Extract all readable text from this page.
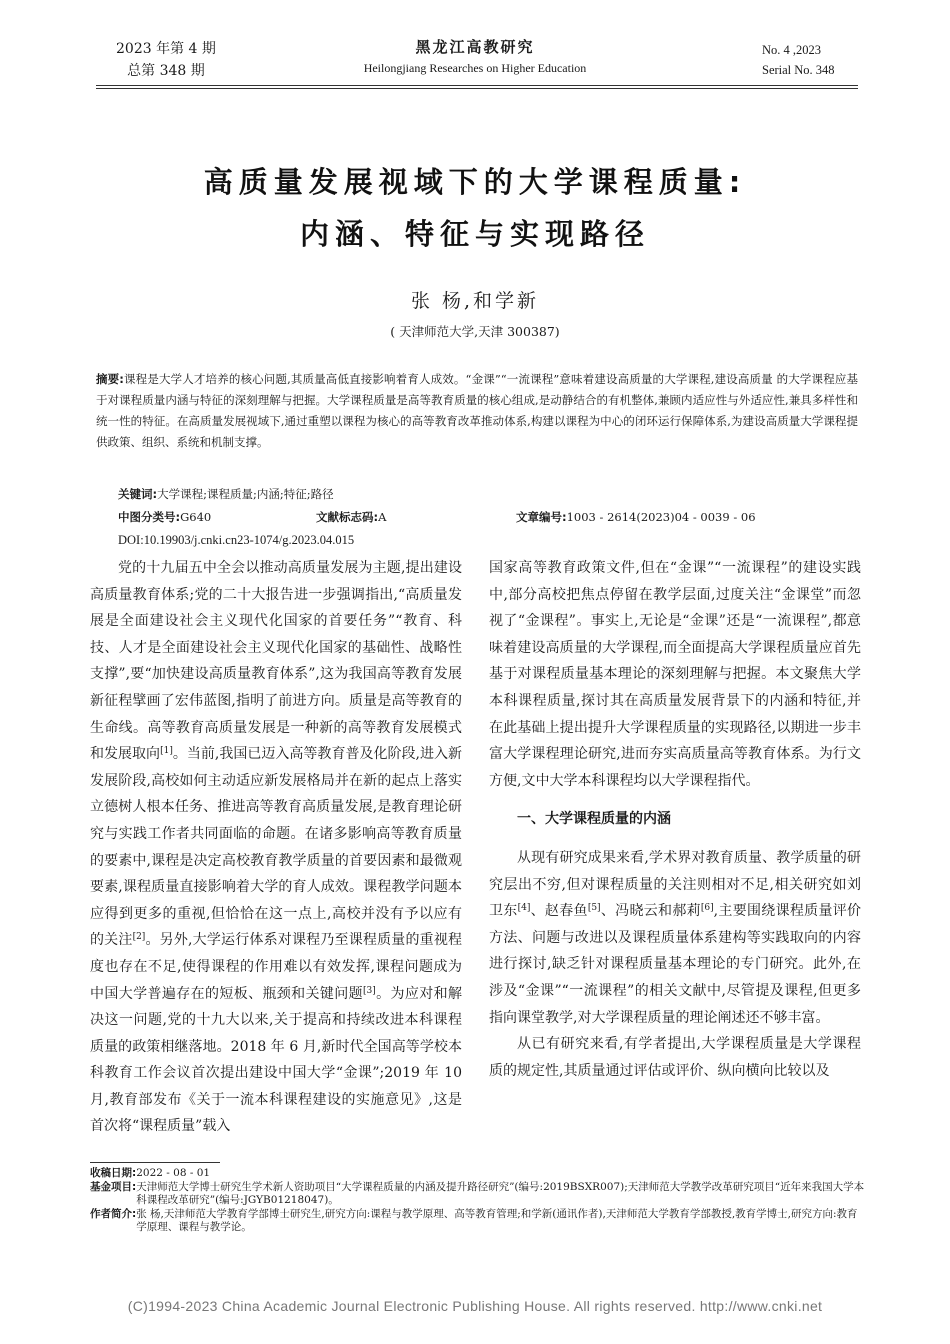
2023 年第 4 期
总第 348 期
黑龙江高教研究
Heilongjiang Researches on Higher Education
No. 4 ,2023
Serial No. 348
高质量发展视域下的大学课程质量:
内涵、特征与实现路径
张 杨,和学新
( 天津师范大学,天津 300387)
摘要:课程是大学人才培养的核心问题,其质量高低直接影响着育人成效。“金课”“一流课程”意味着建设高质量的大学课程,建设高质量 的大学课程应基于对课程质量内涵与特征的深刻理解与把握。大学课程质量是高等教育质量的核心组成,是动静结合的有机整体,兼顾内适应性与外适应性,兼具多样性和统一性的特征。在高质量发展视域下,通过重塑以课程为核心的高等教育改革推动体系,构建以课程为中心的闭环运行保障体系,为建设高质量大学课程提供政策、组织、系统和机制支撑。
关键词:大学课程;课程质量;内涵;特征;路径
中图分类号:G640	文献标志码:A	文章编号:1003 - 2614(2023)04 - 0039 - 06
DOI:10.19903/j.cnki.cn23-1074/g.2023.04.015

党的十九届五中全会以推动高质量发展为主题,提出建设高质量教育体系;党的二十大报告进一步强调指出,“高质量发展是全面建设社会主义现代化国家的首要任务”“教育、科技、人才是全面建设社会主义现代化国家的基础性、战略性支撑”,要“加快建设高质量教育体系”,这为我国高等教育发展新征程擘画了宏伟蓝图,指明了前进方向。质量是高等教育的生命线。高等教育高质量发展是一种新的高等教育发展模式和发展取向[1]。当前,我国已迈入高等教育普及化阶段,进入新发展阶段,高校如何主动适应新发展格局并在新的起点上落实立德树人根本任务、推进高等教育高质量发展,是教育理论研究与实践工作者共同面临的命题。在诸多影响高等教育质量的要素中,课程是决定高校教育教学质量的首要因素和最微观要素,课程质量直接影响着大学的育人成效。课程教学问题本应得到更多的重视,但恰恰在这一点上,高校并没有予以应有的关注[2]。另外,大学运行体系对课程乃至课程质量的重视程度也存在不足,使得课程的作用难以有效发挥,课程问题成为中国大学普遍存在的短板、瓶颈和关键问题[3]。为应对和解决这一问题,党的十九大以来,关于提高和持续改进本科课程质量的政策相继落地。2018 年 6 月,新时代全国高等学校本科教育工作会议首次提出建设中国大学“金课”;2019 年 10 月,教育部发布《关于一流本科课程建设的实施意见》,这是首次将“课程质量”载入

国家高等教育政策文件,但在“金课”“一流课程”的建设实践中,部分高校把焦点停留在教学层面,过度关注“金课堂”而忽视了“金课程”。事实上,无论是“金课”还是“一流课程”,都意味着建设高质量的大学课程,而全面提高大学课程质量应首先基于对课程质量基本理论的深刻理解与把握。本文聚焦大学本科课程质量,探讨其在高质量发展背景下的内涵和特征,并在此基础上提出提升大学课程质量的实现路径,以期进一步丰富大学课程理论研究,进而夯实高质量高等教育体系。为行文方便,文中大学本科课程均以大学课程指代。

一、大学课程质量的内涵

从现有研究成果来看,学术界对教育质量、教学质量的研究层出不穷,但对课程质量的关注则相对不足,相关研究如刘卫东[4]、赵春鱼[5]、冯晓云和郝莉[6],主要围绕课程质量评价方法、问题与改进以及课程质量体系建构等实践取向的内容进行探讨,缺乏针对课程质量基本理论的专门研究。此外,在涉及“金课”“一流课程”的相关文献中,尽管提及课程,但更多指向课堂教学,对大学课程质量的理论阐述还不够丰富。

从已有研究来看,有学者提出,大学课程质量是大学课程质的规定性,其质量通过评估或评价、纵向横向比较以及

收稿日期: 2022 - 08 - 01
基金项目: 天津师范大学博士研究生学术新人资助项目“大学课程质量的内涵及提升路径研究”(编号:2019BSXR007);天津师范大学教学改革研究项目“近年来我国大学本科课程改革研究”(编号:JGYB01218047)。
作者简介: 张 杨,天津师范大学教育学部博士研究生,研究方向:课程与教学原理、高等教育管理;和学新(通讯作者),天津师范大学教育学部教授,教育学博士,研究方向:教育学原理、课程与教学论。
(C)1994-2023 China Academic Journal Electronic Publishing House. All rights reserved. http://www.cnki.net
